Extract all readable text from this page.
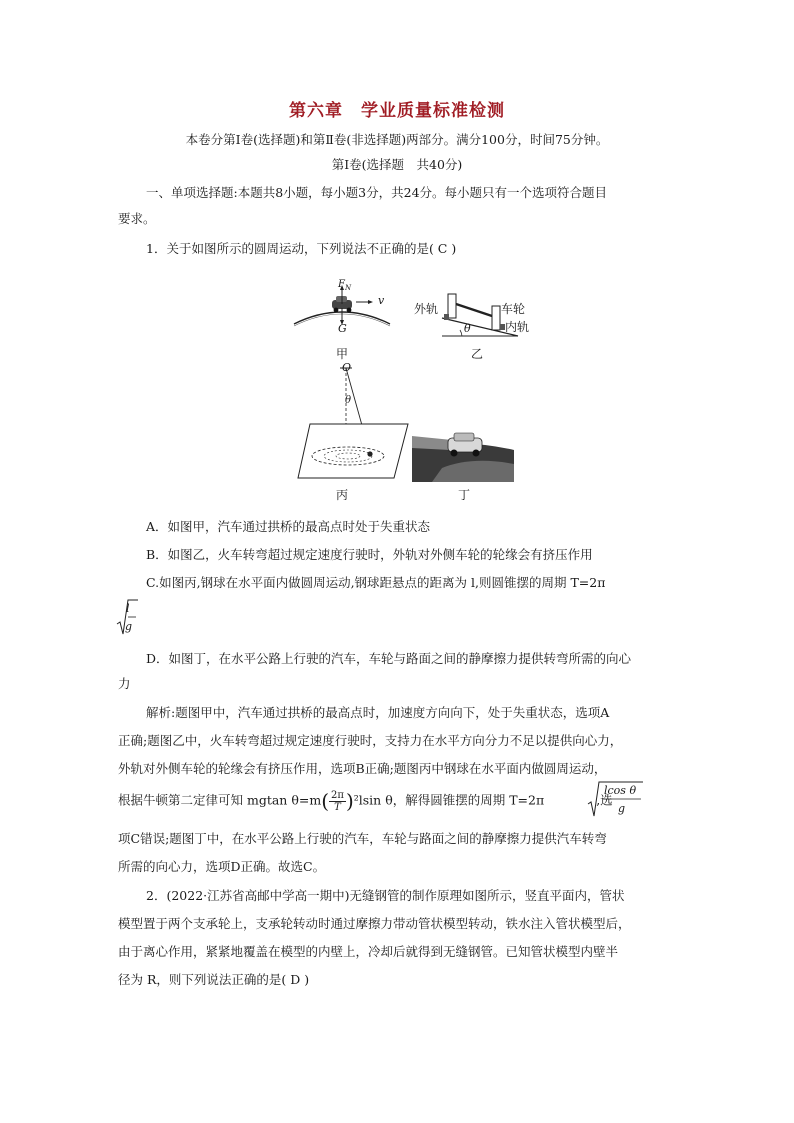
第六章 学业质量标准检测
本卷分第Ⅰ卷(选择题)和第Ⅱ卷(非选择题)两部分。满分100分，时间75分钟。
第Ⅰ卷(选择题　共40分)
一、单项选择题:本题共8小题，每小题3分，共24分。每小题只有一个选项符合题目
要求。
1．关于如图所示的圆周运动，下列说法不正确的是( C )
$F_N$
v
G
甲
外轨	车轮
内轨
θ
乙
O
θ
丙	丁
A．如图甲，汽车通过拱桥的最高点时处于失重状态
B．如图乙，火车转弯超过规定速度行驶时，外轨对外侧车轮的轮缘会有挤压作用
C.如图丙,钢球在水平面内做圆周运动,钢球距悬点的距离为 l,则圆锥摆的周期 T=2π
l
g
D．如图丁，在水平公路上行驶的汽车，车轮与路面之间的静摩擦力提供转弯所需的向心
力
解析:题图甲中，汽车通过拱桥的最高点时，加速度方向向下，处于失重状态，选项A
正确;题图乙中，火车转弯超过规定速度行驶时，支持力在水平方向分力不足以提供向心力，
外轨对外侧车轮的轮缘会有挤压作用，选项B正确;题图丙中钢球在水平面内做圆周运动，
根据牛顿第二定律可知 mgtan $\theta=m( \frac{2\pi}{T} )^2lsin$ θ，解得圆锥摆的周期 T=2π	,选
lcos θ
g
项C错误;题图丁中，在水平公路上行驶的汽车，车轮与路面之间的静摩擦力提供汽车转弯
所需的向心力，选项D正确。故选C。
2．(2022·江苏省高邮中学高一期中)无缝钢管的制作原理如图所示，竖直平面内，管状
模型置于两个支承轮上，支承轮转动时通过摩擦力带动管状模型转动，铁水注入管状模型后，
由于离心作用，紧紧地覆盖在模型的内壁上，冷却后就得到无缝钢管。已知管状模型内壁半
径为 R，则下列说法正确的是( D )
